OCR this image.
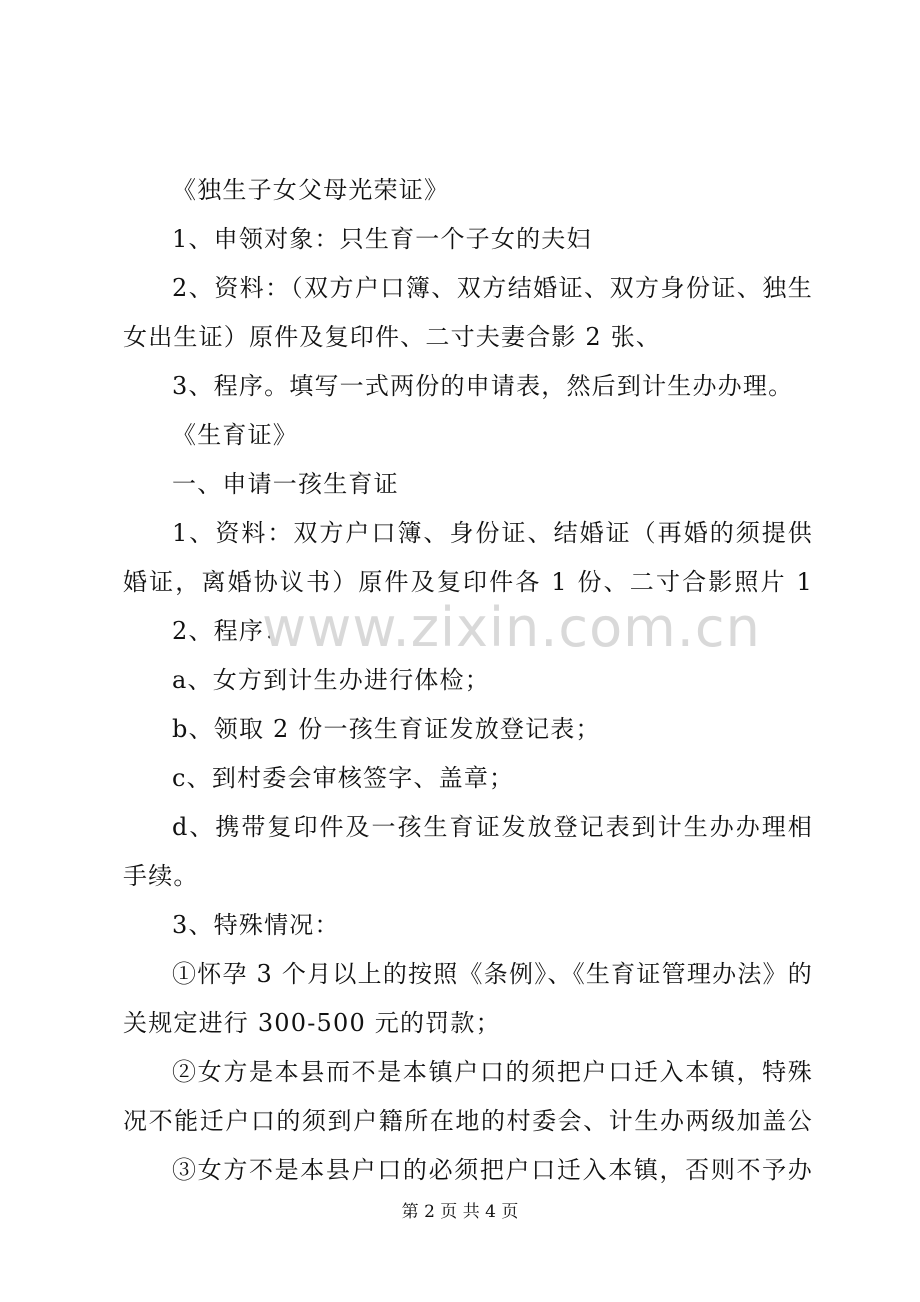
《独生子女父母光荣证》
1、申领对象：只生育一个子女的夫妇
2、资料：（双方户口簿、双方结婚证、双方身份证、独生
女出生证）原件及复印件、二寸夫妻合影 2 张、
3、程序。填写一式两份的申请表，然后到计生办办理。
《生育证》
一、申请一孩生育证
1、资料：双方户口簿、身份证、结婚证（再婚的须提供
婚证，离婚协议书）原件及复印件各 1 份、二寸合影照片 1
2、程序：
a、女方到计生办进行体检；
b、领取 2 份一孩生育证发放登记表；
c、到村委会审核签字、盖章；
d、携带复印件及一孩生育证发放登记表到计生办办理相
手续。
3、特殊情况：
①怀孕 3 个月以上的按照《条例》、《生育证管理办法》的
关规定进行 300-500 元的罚款；
②女方是本县而不是本镇户口的须把户口迁入本镇，特殊
况不能迁户口的须到户籍所在地的村委会、计生办两级加盖公
③女方不是本县户口的必须把户口迁入本镇，否则不予办
www.zixin.com.cn
第 2 页 共 4 页
